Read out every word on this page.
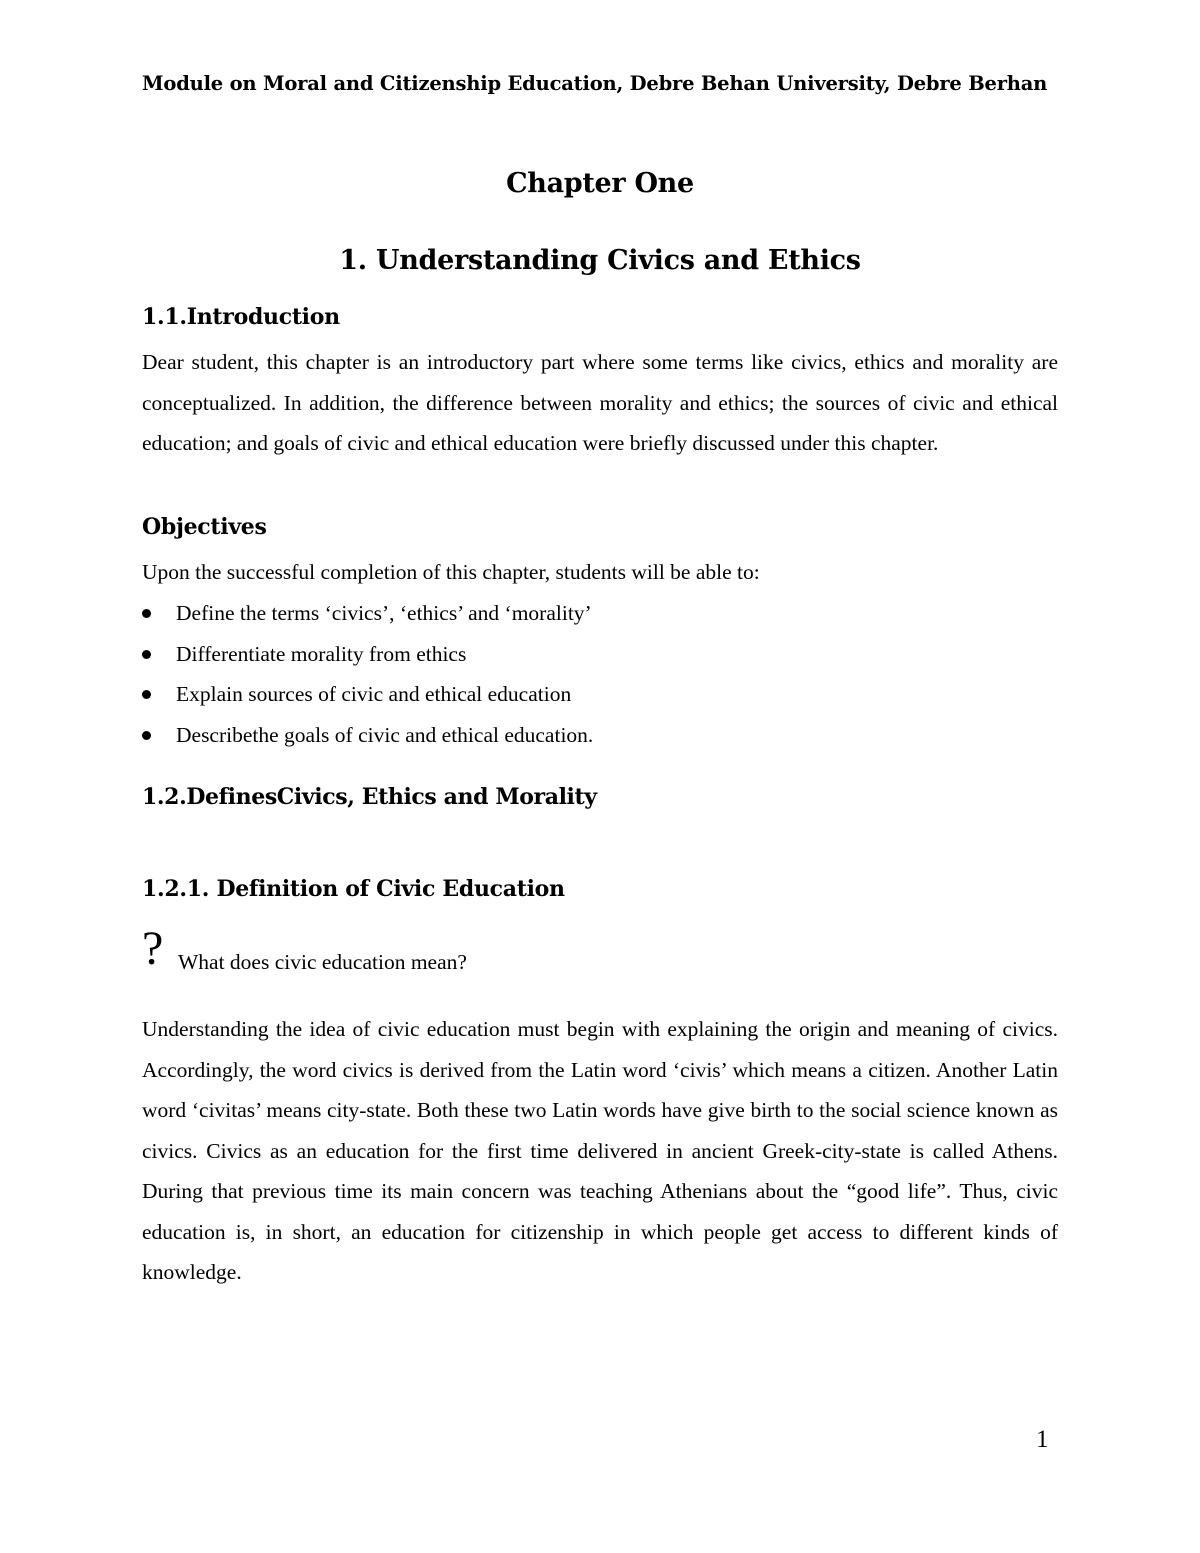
Module on Moral and Citizenship Education, Debre Behan University, Debre Berhan
Chapter One
1. Understanding Civics and Ethics
1.1.Introduction
Dear student, this chapter is an introductory part where some terms like civics, ethics and morality are conceptualized. In addition, the difference between morality and ethics; the sources of civic and ethical education; and goals of civic and ethical education were briefly discussed under this chapter.
Objectives
Upon the successful completion of this chapter, students will be able to:
Define the terms ‘civics’, ‘ethics’ and ‘morality’
Differentiate morality from ethics
Explain sources of civic and ethical education
Describethe goals of civic and ethical education.
1.2.DefinesCivics, Ethics and Morality
1.2.1. Definition of Civic Education
? What does civic education mean?
Understanding the idea of civic education must begin with explaining the origin and meaning of civics. Accordingly, the word civics is derived from the Latin word ‘civis’ which means a citizen. Another Latin word ‘civitas’ means city-state. Both these two Latin words have give birth to the social science known as civics. Civics as an education for the first time delivered in ancient Greek-city-state is called Athens. During that previous time its main concern was teaching Athenians about the “good life”. Thus, civic education is, in short, an education for citizenship in which people get access to different kinds of knowledge.
1
